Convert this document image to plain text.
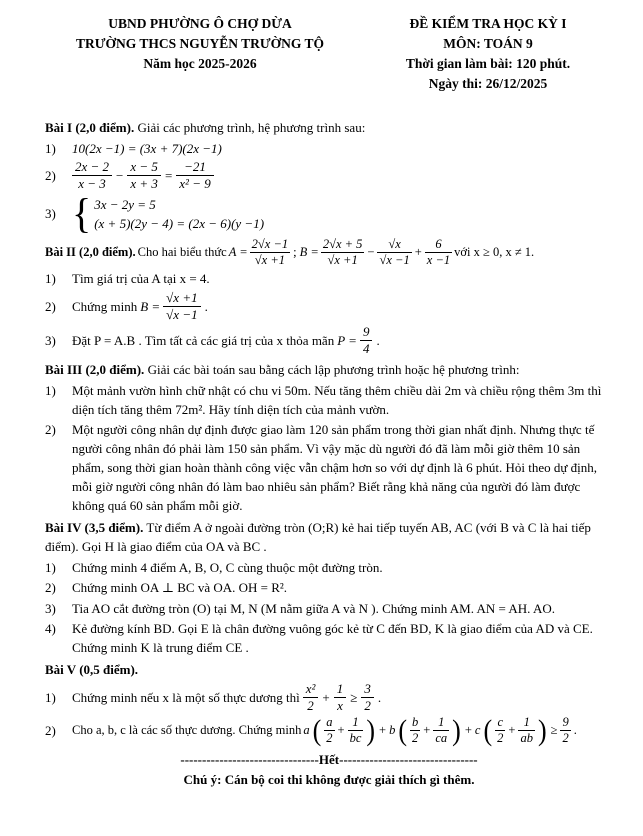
UBND PHƯỜNG Ô CHỢ DỪA
TRƯỜNG THCS NGUYỄN TRƯỜNG TỘ
Năm học 2025-2026
ĐỀ KIỂM TRA HỌC KỲ I
MÔN: TOÁN 9
Thời gian làm bài: 120 phút.
Ngày thi: 26/12/2025

Bài I (2,0 điểm). Giải các phương trình, hệ phương trình sau:

1)	10(2x −1) = (3x + 7)(2x −1)
2)	$\frac{2x - 2}{x - 3} - \frac{x - 5}{x + 3} = \frac{-21}{\text{x² − 9}}$
3) { 3x − 2y = 5
(x + 5)(2y − 4) = (2x − 6)(y −1)
Bài II (2,0 điểm). Cho hai biểu thức $A = \frac{2√x -1}{√x +1}$ ; $B = \frac{2√x + 5}{√x +1} - \frac{√x}{√x -1} + \frac{6}{x -1}$ với x ≥ 0, x ≠ 1.
1)	Tìm giá trị của A tại x = 4.
2)	Chứng minh $B = \frac{√x +1}{√x -1}$ .
3)	Đặt P = A.B . Tìm tất cả các giá trị của x thỏa mãn $P = \frac{9}{4}$ .

Bài III (2,0 điểm). Giải các bài toán sau bằng cách lập phương trình hoặc hệ phương trình:

1)	Một mảnh vườn hình chữ nhật có chu vi 50m. Nếu tăng thêm chiều dài 2m và chiều rộng thêm 3m thì diện tích tăng thêm 72m². Hãy tính diện tích của mảnh vườn.
2)	Một người công nhân dự định được giao làm 120 sản phẩm trong thời gian nhất định. Nhưng thực tế người công nhân đó phải làm 150 sản phẩm. Vì vậy mặc dù người đó đã làm mỗi giờ thêm 10 sản phẩm, song thời gian hoàn thành công việc vẫn chậm hơn so với dự định là 6 phút. Hỏi theo dự định, mỗi giờ người công nhân đó làm bao nhiêu sản phẩm? Biết rằng khả năng của người đó làm được không quá 60 sản phẩm mỗi giờ.

Bài IV (3,5 điểm). Từ điểm A ở ngoài đường tròn (O;R) kẻ hai tiếp tuyến AB, AC (với B và C là hai tiếp điểm). Gọi H là giao điểm của OA và BC .

1)	Chứng minh 4 điểm A, B, O, C cùng thuộc một đường tròn.
2)	Chứng minh OA ⊥ BC và OA. OH = R².
3)	Tia AO cắt đường tròn (O) tại M, N (M nằm giữa A và N ). Chứng minh AM. AN = AH. AO.
4)	Kẻ đường kính BD. Gọi E là chân đường vuông góc kẻ từ C đến BD, K là giao điểm của AD và CE. Chứng minh K là trung điểm CE .

Bài V (0,5 điểm).

1)	Chứng minh nếu x là một số thực dương thì $\frac{\text{x²}}{2} + \frac{1}{x} \ge \frac{3}{2}$ .
2)	Cho a, b, c là các số thực dương. Chứng minh a ( $\frac{a}{2} + \frac{1}{bc}$ ) + b ( $\frac{b}{2} + \frac{1}{ca}$ ) + c ( $\frac{c}{2} + \frac{1}{ab}$ ) ≥ $\frac{9}{2}$ .
--------------------------------Hết--------------------------------
Chú ý: Cán bộ coi thi không được giải thích gì thêm.
